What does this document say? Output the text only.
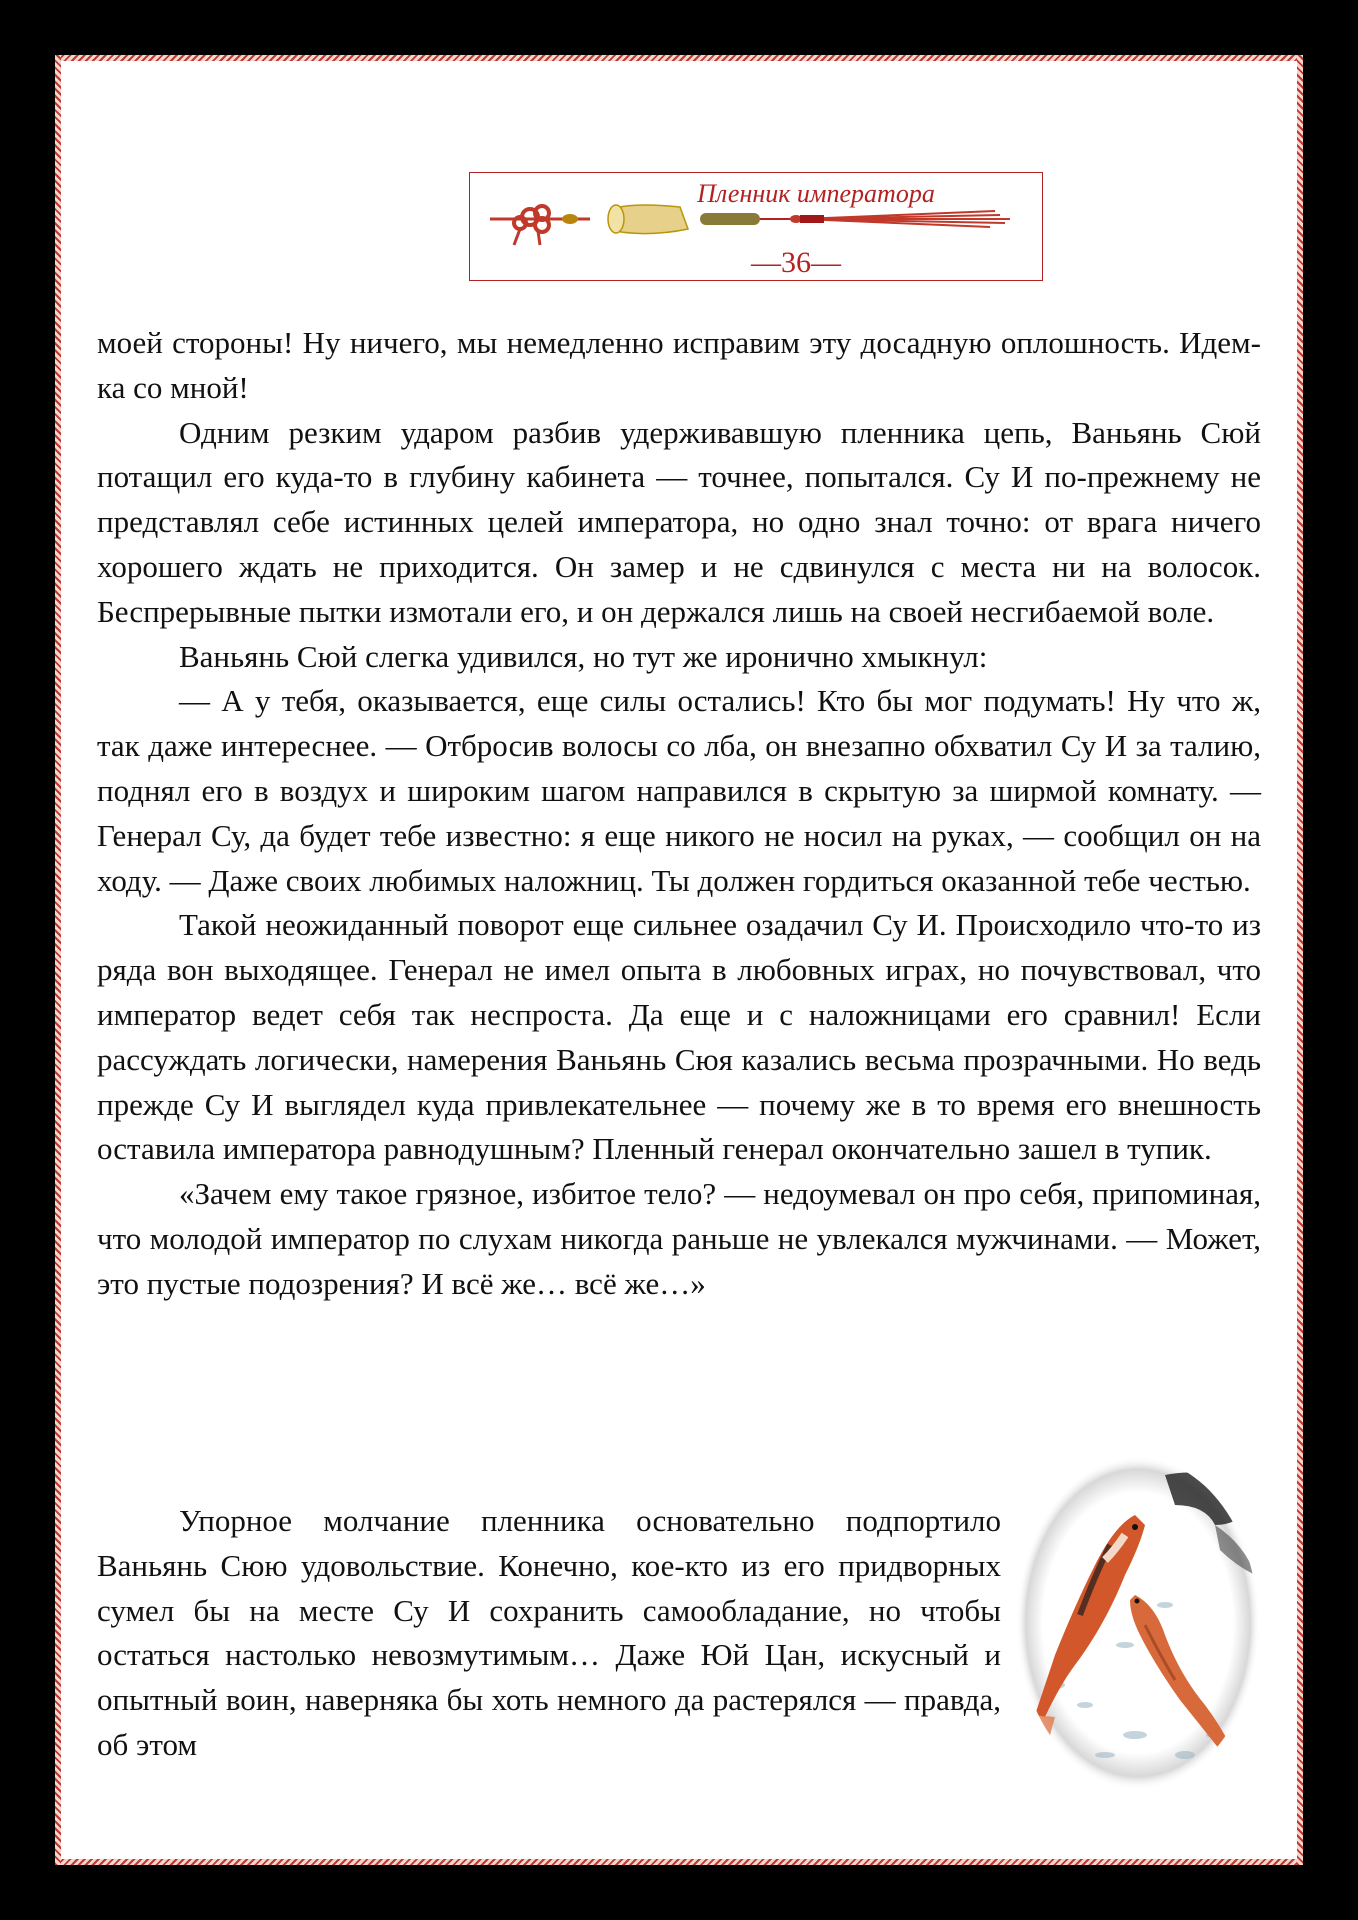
Пленник императора
—36—

моей стороны! Ну ничего, мы немедленно исправим эту досадную оплошность. Идем-ка со мной!

Одним резким ударом разбив удерживавшую пленника цепь, Ваньянь Сюй потащил его куда-то в глубину кабинета — точнее, попытался. Су И по-прежнему не представлял себе истинных целей императора, но одно знал точно: от врага ничего хорошего ждать не приходится. Он замер и не сдвинулся с места ни на волосок. Беспрерывные пытки измотали его, и он держался лишь на своей несгибаемой воле.

Ваньянь Сюй слегка удивился, но тут же иронично хмыкнул:

— А у тебя, оказывается, еще силы остались! Кто бы мог подумать! Ну что ж, так даже интереснее. — Отбросив волосы со лба, он внезапно обхватил Су И за талию, поднял его в воздух и широким шагом направился в скрытую за ширмой комнату. — Генерал Су, да будет тебе известно: я еще никого не носил на руках, — сообщил он на ходу. — Даже своих любимых наложниц. Ты должен гордиться оказанной тебе честью.

Такой неожиданный поворот еще сильнее озадачил Су И. Происходило что-то из ряда вон выходящее. Генерал не имел опыта в любовных играх, но почувствовал, что император ведет себя так неспроста. Да еще и с наложницами его сравнил! Если рассуждать логически, намерения Ваньянь Сюя казались весьма прозрачными. Но ведь прежде Су И выглядел куда привлекательнее — почему же в то время его внешность оставила императора равнодушным? Пленный генерал окончательно зашел в тупик.

«Зачем ему такое грязное, избитое тело? — недоумевал он про себя, припоминая, что молодой император по слухам никогда раньше не увлекался мужчинами. — Может, это пустые подозрения? И всё же… всё же…»

Упорное молчание пленника основательно подпортило Ваньянь Сюю удовольствие. Конечно, кое-кто из его придворных сумел бы на месте Су И сохранить самообладание, но чтобы остаться настолько невозмутимым… Даже Юй Цан, искусный и опытный воин, наверняка бы хоть немного да растерялся — правда, об этом
